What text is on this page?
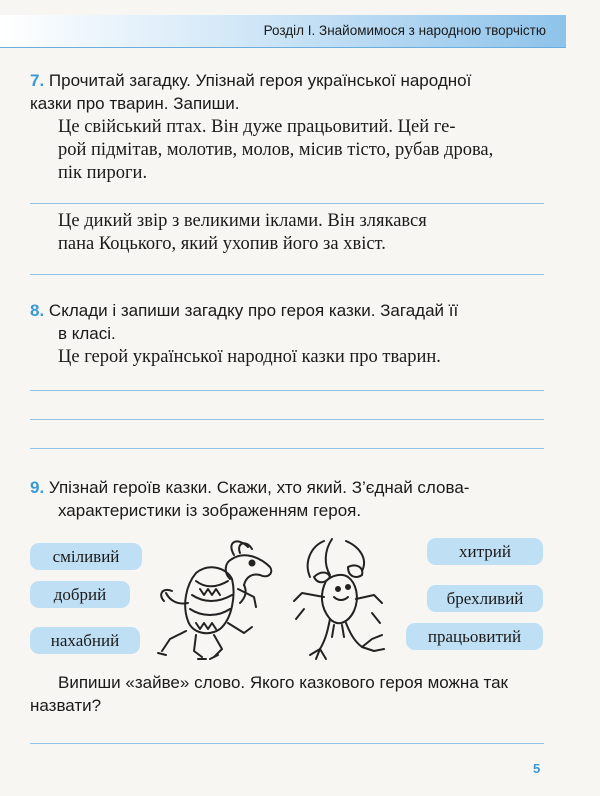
Розділ І. Знайомимося з народною творчістю
7. Прочитай загадку. Упізнай героя української народної
казки про тварин. Запиши.
Це свійський птах. Він дуже працьовитий. Цей ге-
рой підмітав, молотив, молов, місив тісто, рубав дрова,
пік пироги.
Це дикий звір з великими іклами. Він злякався
пана Коцького, який ухопив його за хвіст.
8. Склади і запиши загадку про героя казки. Загадай її
в класі.
Це герой української народної казки про тварин.
9. Упізнай героїв казки. Скажи, хто який. З’єднай слова-
характеристики із зображенням героя.
сміливий
добрий
нахабний
хитрий
брехливий
працьовитий
Випиши «зайве» слово. Якого казкового героя можна так
назвати?
5
